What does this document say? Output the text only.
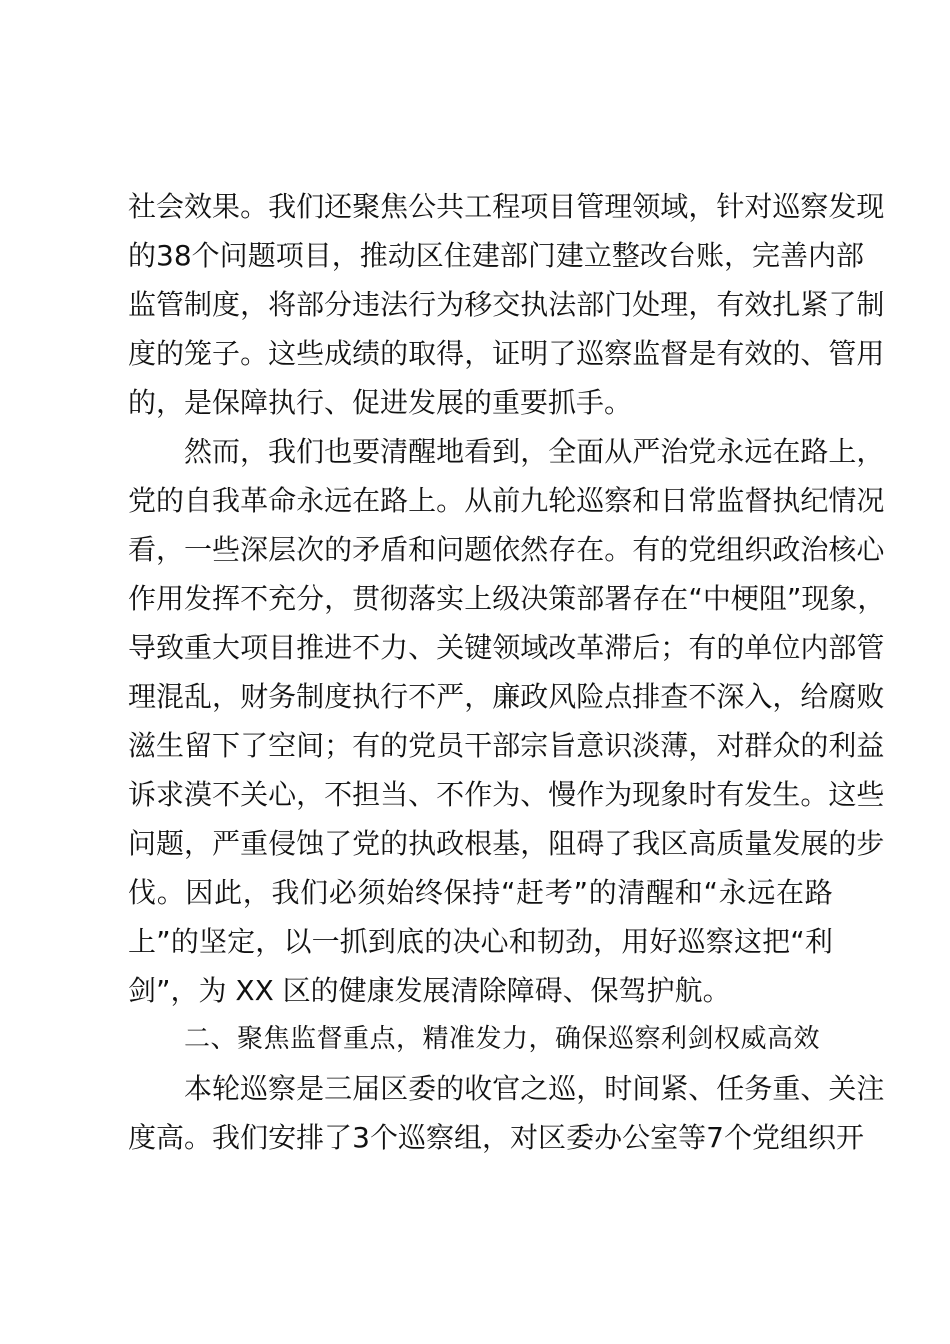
社 会 效 果 。 我 们 还 聚 焦 公 共 工 程 项 目 管 理 领 域 ， 针 对 巡 察 发 现
的 38 个 问 题 项 目 ， 推 动 区 住 建 部 门 建 立 整 改 台 账 ， 完 善 内 部
监 管 制 度 ， 将 部 分 违 法 行 为 移 交 执 法 部 门 处 理 ， 有 效 扎 紧 了 制
度 的 笼 子 。 这 些 成 绩 的 取 得 ， 证 明 了 巡 察 监 督 是 有 效 的 、 管 用
的，是保障执行、促进发展的重要抓手。
然 而 ， 我 们 也 要 清 醒 地 看 到 ， 全 面 从 严 治 党 永 远 在 路 上 ，
党 的 自 我 革 命 永 远 在 路 上 。 从 前 九 轮 巡 察 和 日 常 监 督 执 纪 情 况
看 ， 一 些 深 层 次 的 矛 盾 和 问 题 依 然 存 在 。 有 的 党 组 织 政 治 核 心
作 用 发 挥 不 充 分 ， 贯 彻 落 实 上 级 决 策 部 署 存 在 “ 中 梗 阻 ” 现 象 ，
导 致 重 大 项 目 推 进 不 力 、 关 键 领 域 改 革 滞 后 ； 有 的 单 位 内 部 管
理 混 乱 ， 财 务 制 度 执 行 不 严 ， 廉 政 风 险 点 排 查 不 深 入 ， 给 腐 败
滋 生 留 下 了 空 间 ； 有 的 党 员 干 部 宗 旨 意 识 淡 薄 ， 对 群 众 的 利 益
诉 求 漠 不 关 心 ， 不 担 当 、 不 作 为 、 慢 作 为 现 象 时 有 发 生 。 这 些
问 题 ， 严 重 侵 蚀 了 党 的 执 政 根 基 ， 阻 碍 了 我 区 高 质 量 发 展 的 步
伐 。 因 此 ， 我 们 必 须 始 终 保 持 “ 赶 考 ” 的 清 醒 和 “ 永 远 在 路
上 ” 的 坚 定 ， 以 一 抓 到 底 的 决 心 和 韧 劲 ， 用 好 巡 察 这 把 “ 利
剑”，为 XX 区的健康发展清除障碍、保驾护航。
二、聚焦监督重点，精准发力，确保巡察利剑权威高效
本 轮 巡 察 是 三 届 区 委 的 收 官 之 巡 ， 时 间 紧 、 任 务 重 、 关 注
度 高 。 我 们 安 排 了 3 个 巡 察 组 ， 对 区 委 办 公 室 等 7 个 党 组 织 开
